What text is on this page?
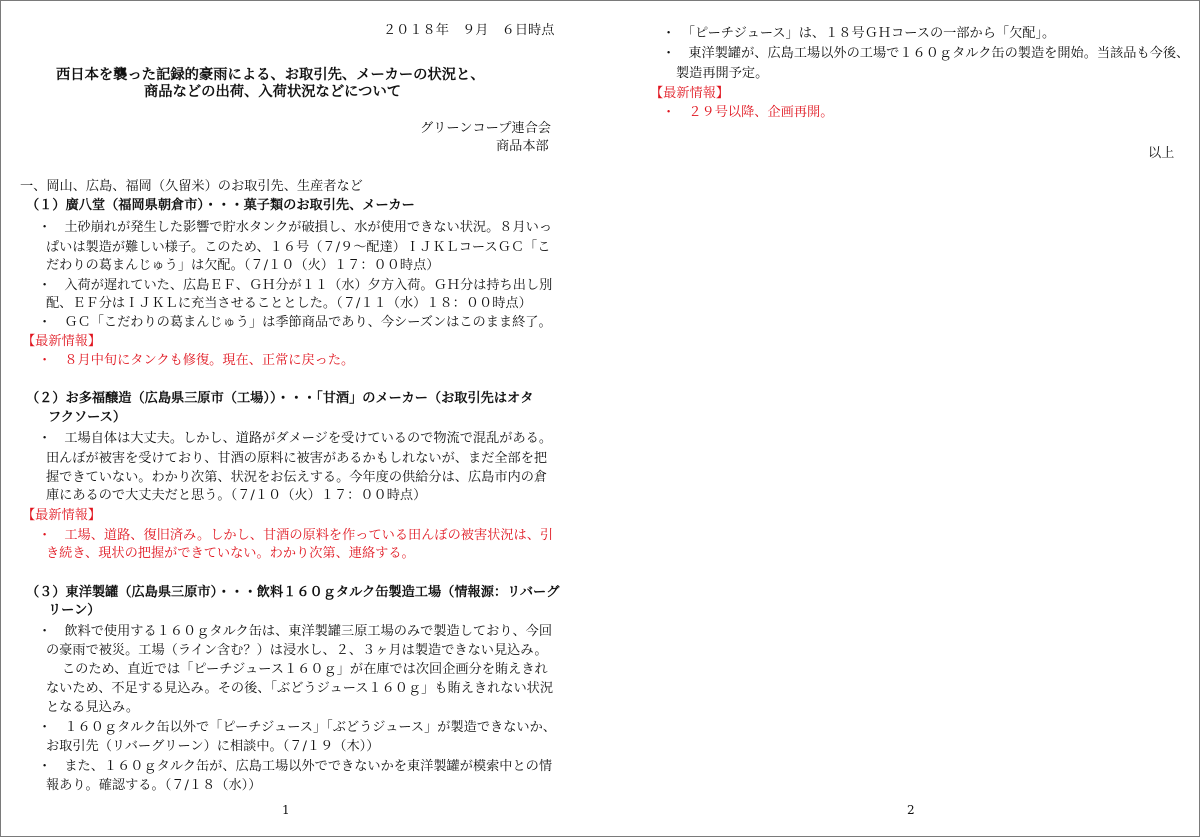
２０１８年　９月　６日時点
西日本を襲った記録的豪雨による、お取引先、メーカーの状況と、
商品などの出荷、入荷状況などについて
グリーンコープ連合会
商品本部
一、岡山、広島、福岡（久留米）のお取引先、生産者など
（１）廣八堂（福岡県朝倉市）・・・菓子類のお取引先、メーカー
・　土砂崩れが発生した影響で貯水タンクが破損し、水が使用できない状況。８月いっ
ぱいは製造が難しい様子。このため、１６号（７/９～配達）ＩＪＫＬコースＧＣ「こ
だわりの葛まんじゅう」は欠配。（７/１０（火）１７：００時点）
・　入荷が遅れていた、広島ＥＦ、ＧＨ分が１１（水）夕方入荷。ＧＨ分は持ち出し別
配、ＥＦ分はＩＪＫＬに充当させることとした。（７/１１（水）１８：００時点）
・　ＧＣ「こだわりの葛まんじゅう」は季節商品であり、今シーズンはこのまま終了。
【最新情報】
・　８月中旬にタンクも修復。現在、正常に戻った。
（２）お多福醸造（広島県三原市（工場））・・・「甘酒」のメーカー（お取引先はオタ
フクソース）
・　工場自体は大丈夫。しかし、道路がダメージを受けているので物流で混乱がある。
田んぼが被害を受けており、甘酒の原料に被害があるかもしれないが、まだ全部を把
握できていない。わかり次第、状況をお伝えする。今年度の供給分は、広島市内の倉
庫にあるので大丈夫だと思う。（７/１０（火）１７：００時点）
【最新情報】
・　工場、道路、復旧済み。しかし、甘酒の原料を作っている田んぼの被害状況は、引
き続き、現状の把握ができていない。わかり次第、連絡する。
（３）東洋製罐（広島県三原市）・・・飲料１６０ｇタルク缶製造工場（情報源：リバーグ
リーン）
・　飲料で使用する１６０ｇタルク缶は、東洋製罐三原工場のみで製造しており、今回
の豪雨で被災。工場（ライン含む？）は浸水し、２、３ヶ月は製造できない見込み。
このため、直近では「ピーチジュース１６０ｇ」が在庫では次回企画分を賄えきれ
ないため、不足する見込み。その後、「ぶどうジュース１６０ｇ」も賄えきれない状況
となる見込み。
・　１６０ｇタルク缶以外で「ピーチジュース」「ぶどうジュース」が製造できないか、
お取引先（リバーグリーン）に相談中。（７/１９（木））
・　また、１６０ｇタルク缶が、広島工場以外でできないかを東洋製罐が模索中との情
報あり。確認する。（７/１８（水））
1
・　「ピーチジュース」は、１８号ＧＨコースの一部から「欠配」。
・　東洋製罐が、広島工場以外の工場で１６０ｇタルク缶の製造を開始。当該品も今後、
製造再開予定。
【最新情報】
・　２９号以降、企画再開。
以上
2
